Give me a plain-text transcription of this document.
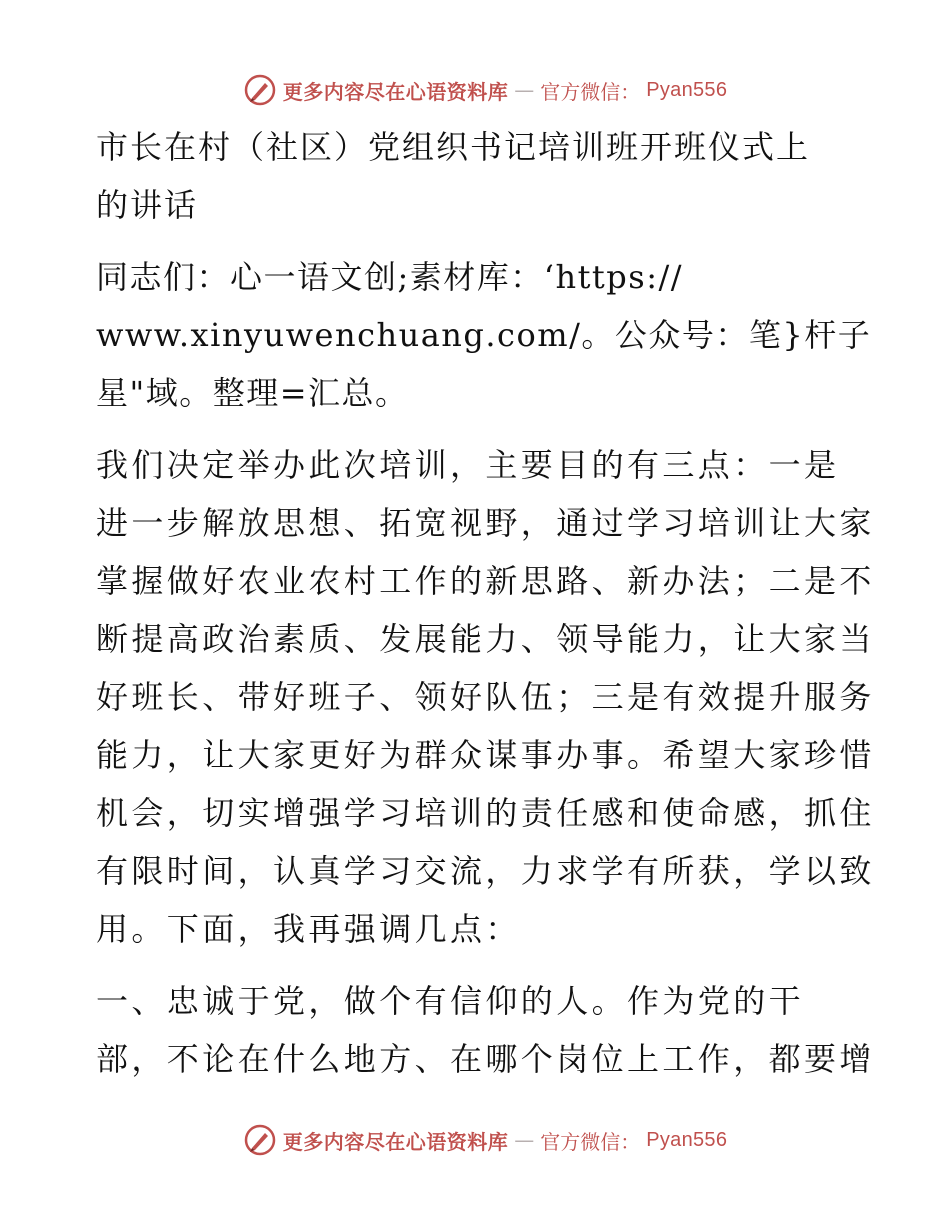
更多内容尽在心语资料库 — 官方微信： Pyan556
市长在村（社区）党组织书记培训班开班仪式上
的讲话
同志们：心一语文创;素材库：‘https://
www.xinyuwenchuang.com/。公众号：笔}杆子
星"域。整理=汇总。
我们决定举办此次培训，主要目的有三点：一是
进一步解放思想、拓宽视野，通过学习培训让大家
掌握做好农业农村工作的新思路、新办法；二是不
断提高政治素质、发展能力、领导能力，让大家当
好班长、带好班子、领好队伍；三是有效提升服务
能力，让大家更好为群众谋事办事。希望大家珍惜
机会，切实增强学习培训的责任感和使命感，抓住
有限时间，认真学习交流，力求学有所获，学以致
用。下面，我再强调几点：
一、忠诚于党，做个有信仰的人。作为党的干
部，不论在什么地方、在哪个岗位上工作，都要增
更多内容尽在心语资料库 — 官方微信： Pyan556
